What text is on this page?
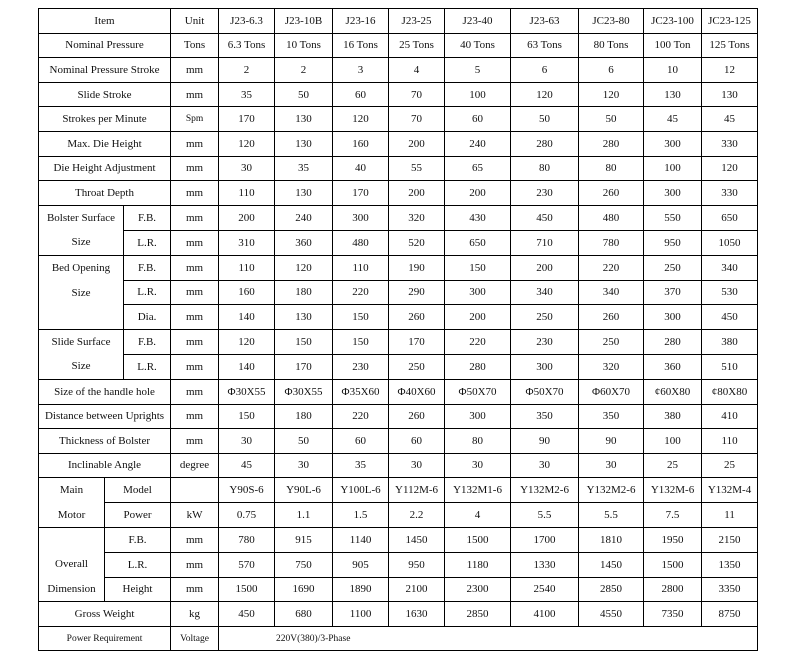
Item			Unit	J23-6.3	J23-10B	J23-16	J23-25	J23-40	J23-63	JC23-80	JC23-100	JC23-125
Nominal Pressure			Tons	6.3 Tons	10 Tons	16 Tons	25 Tons	40 Tons	63 Tons	80 Tons	100 Ton	125 Tons
Nominal Pressure Stroke			mm	2	2	3	4	5	6	6	10	12
Slide Stroke			mm	35	50	60	70	100	120	120	130	130
Strokes per Minute			Spm	170	130	120	70	60	50	50	45	45
Max. Die Height			mm	120	130	160	200	240	280	280	300	330
Die Height Adjustment			mm	30	35	40	55	65	80	80	100	120
Throat Depth			mm	110	130	170	200	200	230	260	300	330

Bolster Surface
Size		F.B.	mm	200	240	300	320	430	450	480	550	650
		L.R.	mm	310	360	480	520	650	710	780	950	1050

Bed Opening
Size		F.B.	mm	110	120	110	190	150	200	220	250	340
		L.R.	mm	160	180	220	290	300	340	340	370	530
		Dia.	mm	140	130	150	260	200	250	260	300	450

Slide Surface
Size		F.B.	mm	120	150	150	170	220	230	250	280	380
		L.R.	mm	140	170	230	250	280	300	320	360	510
Size of the handle hole			mm	Φ30X55	Φ30X55	Φ35X60	Φ40X60	Φ50X70	Φ50X70	Φ60X70	¢60X80	¢80X80
Distance between Uprights			mm	150	180	220	260	300	350	350	380	410
Thickness of Bolster			mm	30	50	60	60	80	90	90	100	110
Inclinable Angle			degree	45	30	35	30	30	30	30	25	25

Main
Motor	Model			Y90S-6	Y90L-6	Y100L-6	Y112M-6	Y132M1-6	Y132M2-6	Y132M2-6	Y132M-6	Y132M-4
	Power		kW	0.75	1.1	1.5	2.2	4	5.5	5.5	7.5	11

Overall
Dimension	F.B.		mm	780	915	1140	1450	1500	1700	1810	1950	2150
	L.R.		mm	570	750	905	950	1180	1330	1450	1500	1350
	Height		mm	1500	1690	1890	2100	2300	2540	2850	2800	3350
Gross Weight			kg	450	680	1100	1630	2850	4100	4550	7350	8750
Power Requirement			Voltage	220V(380)/3-Phase								
